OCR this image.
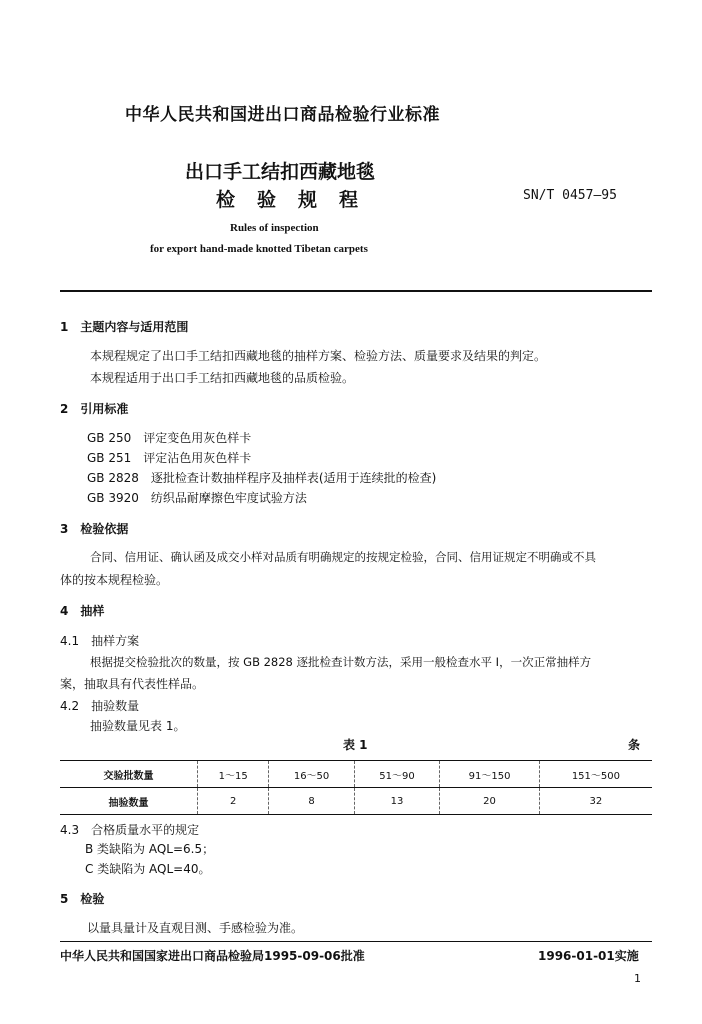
中华人民共和国进出口商品检验行业标准
出口手工结扣西藏地毯
检验规程	SN/T 0457—95
Rules of inspection
for export hand-made knotted Tibetan carpets
1　主题内容与适用范围
本规程规定了出口手工结扣西藏地毯的抽样方案、检验方法、质量要求及结果的判定。
本规程适用于出口手工结扣西藏地毯的品质检验。
2　引用标准
GB 250　评定变色用灰色样卡
GB 251　评定沾色用灰色样卡
GB 2828　逐批检查计数抽样程序及抽样表(适用于连续批的检查)
GB 3920　纺织品耐摩擦色牢度试验方法
3　检验依据
合同、信用证、确认函及成交小样对品质有明确规定的按规定检验，合同、信用证规定不明确或不具
体的按本规程检验。
4　抽样
4.1　抽样方案
根据提交检验批次的数量，按 GB 2828 逐批检查计数方法，采用一般检查水平 I，一次正常抽样方
案，抽取具有代表性样品。
4.2　抽验数量
抽验数量见表 1。
表 1	条
交验批数量	1～15	16～50	51～90	91～150	151～500
抽验数量	2	8	13	20	32
4.3　合格质量水平的规定
B 类缺陷为 AQL=6.5；
C 类缺陷为 AQL=40。
5　检验
以量具量计及直观目测、手感检验为准。
中华人民共和国国家进出口商品检验局1995-09-06批准	1996-01-01实施
1
